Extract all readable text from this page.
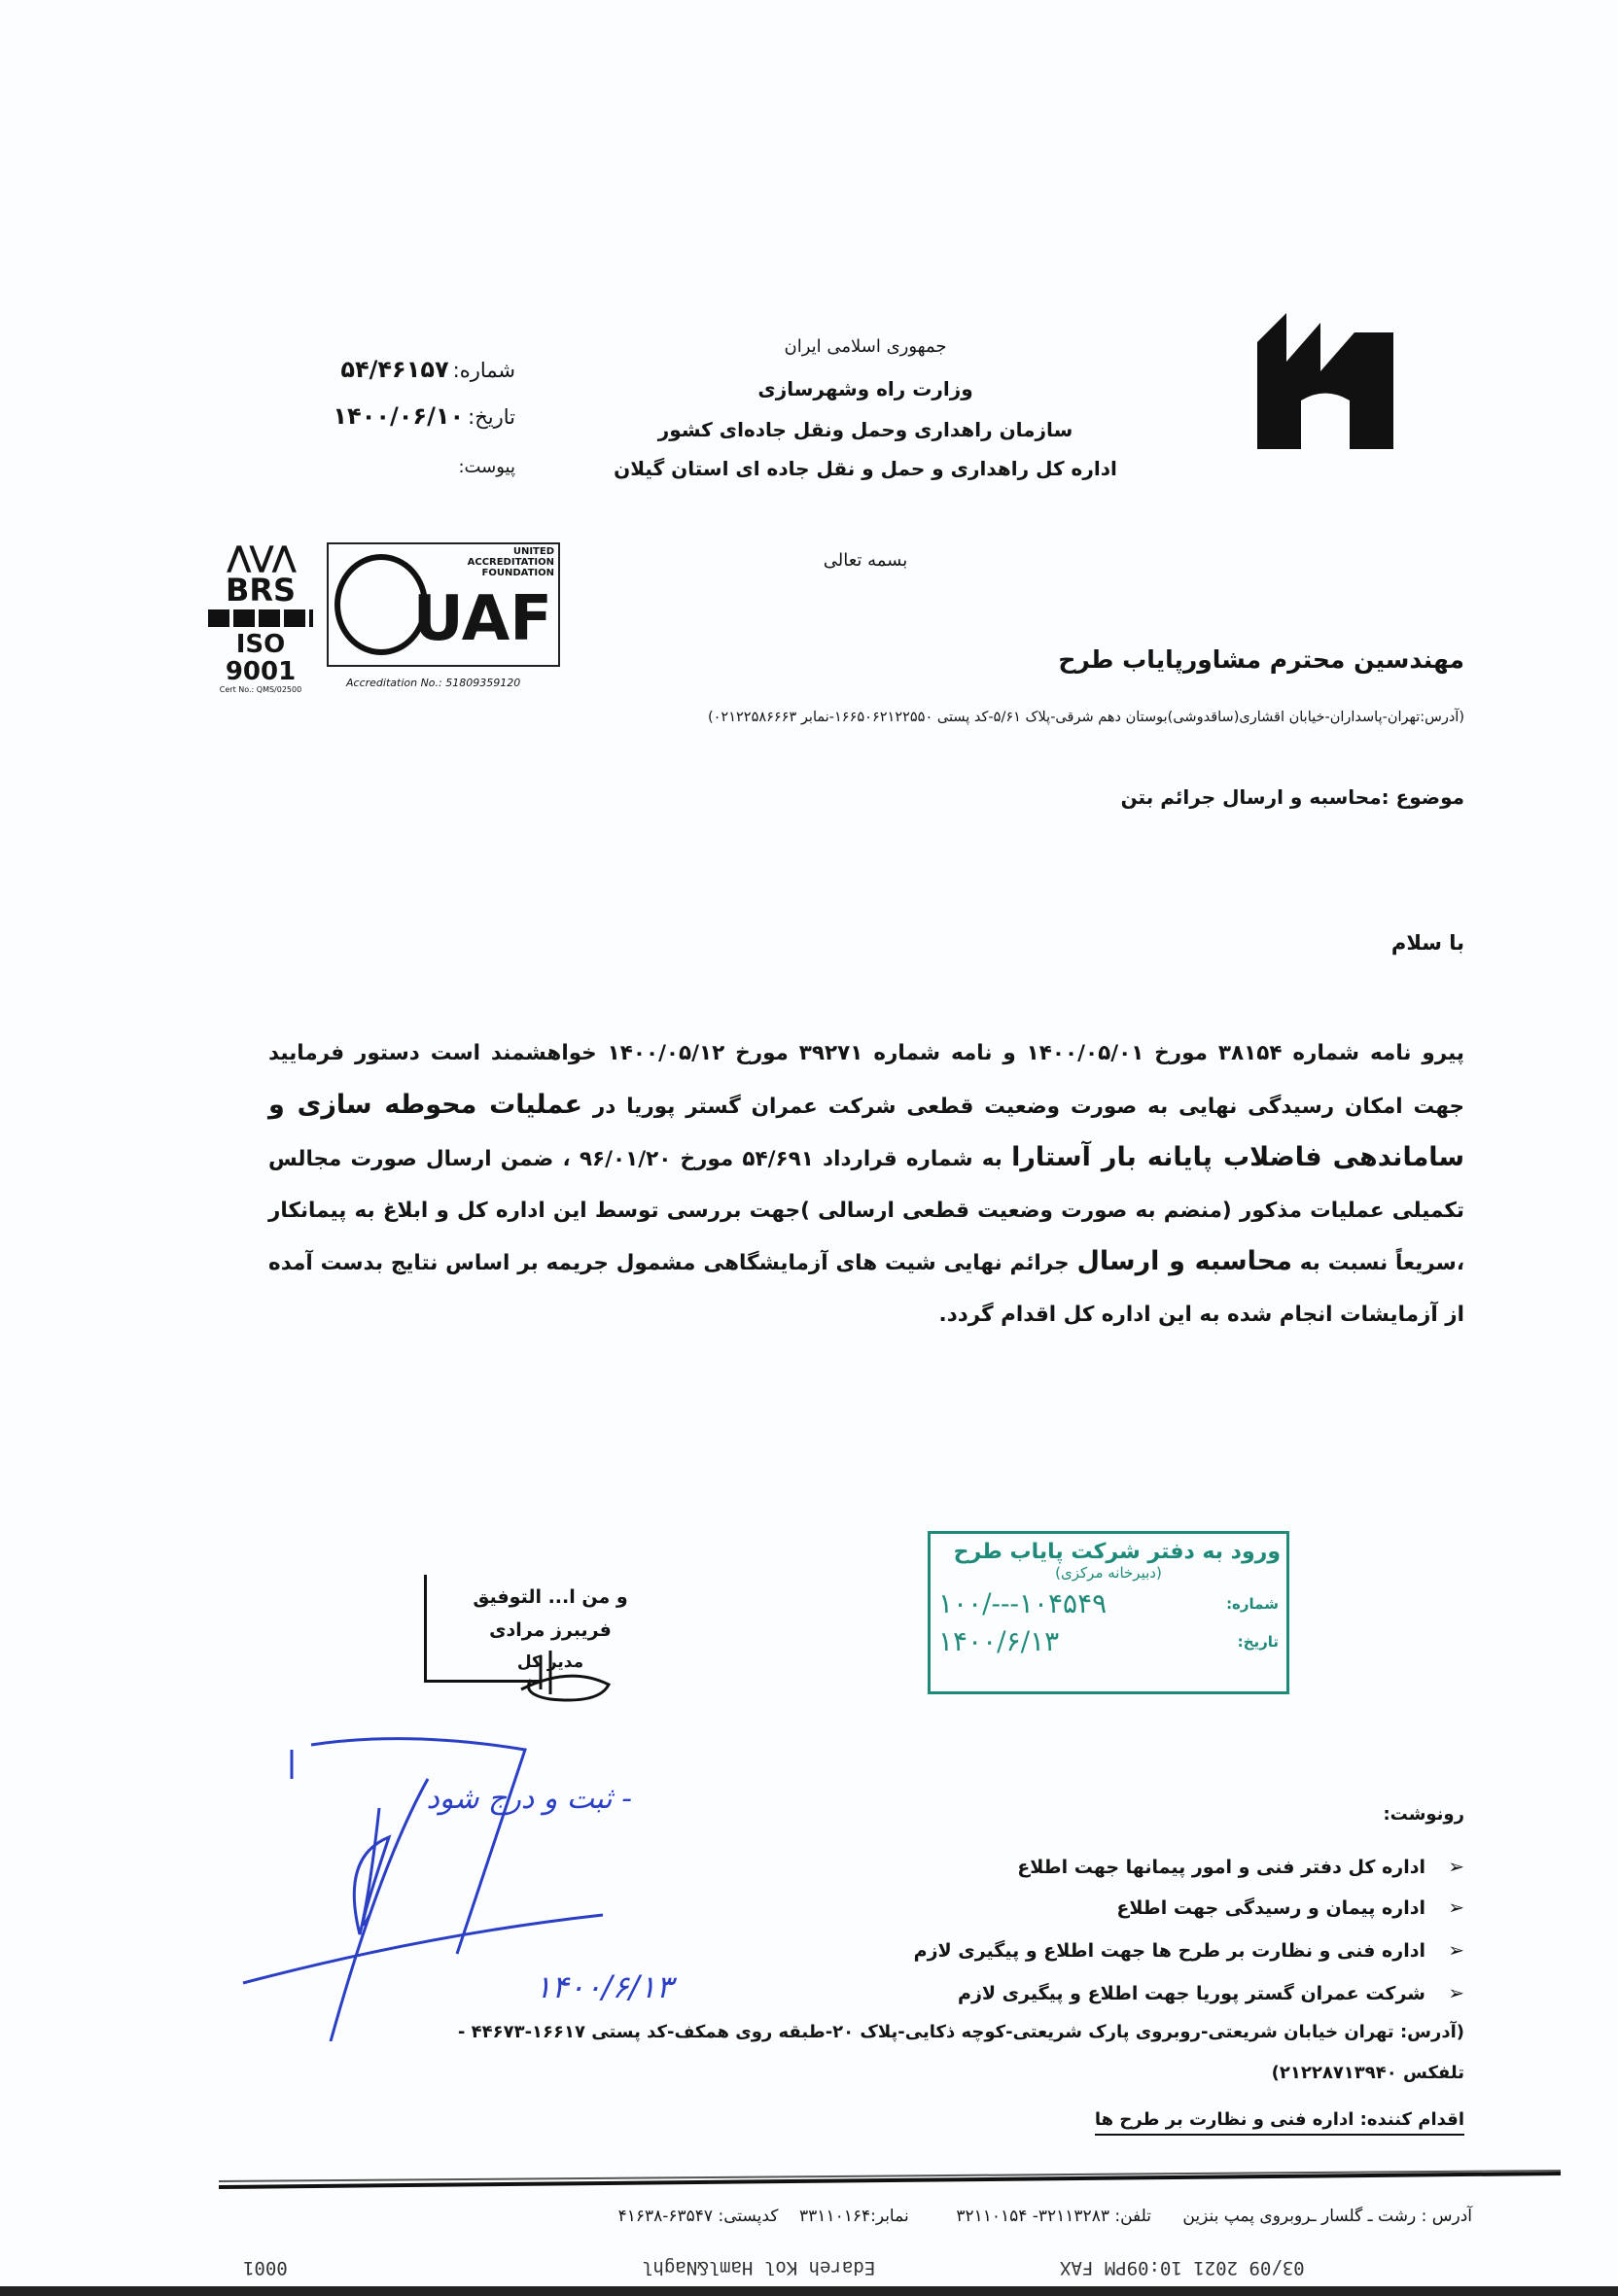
جمهوری اسلامی ایران
وزارت راه وشهرسازی
سازمان راهداری وحمل ونقل جاده‌ای کشور
اداره کل راهداری و حمل و نقل جاده ای استان گیلان
شماره:۵۴/۴۶۱۵۷
تاریخ:۱۴۰۰/۰۶/۱۰
پیوست:
⋀⋁⋀
BRS
ISO 9001
Cert No.: QMS/02500
UNITED ACCREDITATION FOUNDATION
UAF
Accreditation No.: 51809359120
بسمه تعالی
مهندسین محترم مشاورپایاب طرح
(آدرس:تهران-پاسداران-خیابان اقشاری(ساقدوشی)بوستان دهم شرقی-پلاک ۵/۶۱-کد پستی ۱۶۶۵۰۶۲۱۲۲۵۵۰-نمابر ۰۲۱۲۲۵۸۶۶۶۳)
موضوع :محاسبه و ارسال جرائم بتن
با سلام
پیرو نامه شماره ۳۸۱۵۴ مورخ ۱۴۰۰/۰۵/۰۱ و نامه شماره ۳۹۲۷۱ مورخ ۱۴۰۰/۰۵/۱۲ خواهشمند است دستور فرمایید جهت امکان رسیدگی نهایی به صورت وضعیت قطعی شرکت عمران گستر پوریا در عملیات محوطه سازی و ساماندهی فاضلاب پایانه بار آستارا به شماره قرارداد ۵۴/۶۹۱ مورخ ۹۶/۰۱/۲۰ ، ضمن ارسال صورت مجالس تکمیلی عملیات مذکور (منضم به صورت وضعیت قطعی ارسالی )جهت بررسی توسط این اداره کل و ابلاغ به پیمانکار ،سریعاً نسبت به محاسبه و ارسال جرائم نهایی شیت های آزمایشگاهی مشمول جریمه بر اساس نتایج بدست آمده از آزمایشات انجام شده به این اداره کل اقدام گردد.
و من ا... التوفیق
فریبرز مرادی
مدیر کل
ورود به دفتر شرکت پایاب طرح
(دبیرخانه مرکزی)
شماره:
۱۰۰/---۱۰۴۵۴۹
تاریخ:
۱۴۰۰/۶/۱۳
- ثبت و درج شود
۱۴۰۰/۶/۱۳
رونوشت:
➢اداره کل دفتر فنی و امور پیمانها جهت اطلاع
➢اداره پیمان و رسیدگی جهت اطلاع
➢اداره فنی و نظارت بر طرح ها جهت اطلاع و پیگیری لازم
➢شرکت عمران گستر پوریا جهت اطلاع و پیگیری لازم
(آدرس: تهران خیابان شریعتی-روبروی پارک شریعتی-کوچه ذکایی-پلاک ۲۰-طبقه روی همکف-کد پستی ۱۶۶۱۷-۴۴۶۷۳ -
تلفکس ۲۱۲۲۸۷۱۳۹۴۰)
اقدام کننده: اداره فنی و نظارت بر طرح ها
آدرس : رشت ـ گلسار ـروبروی پمپ بنزین      تلفن: ۳۲۱۱۳۲۸۳- ۳۲۱۱۰۱۵۴         نمابر:۳۳۱۱۰۱۶۴    کدپستی: ۶۳۵۴۷-۴۱۶۳۸
03/09 2021 10:09PM FAX
Edareh Kol Haml&Naghl
0001
